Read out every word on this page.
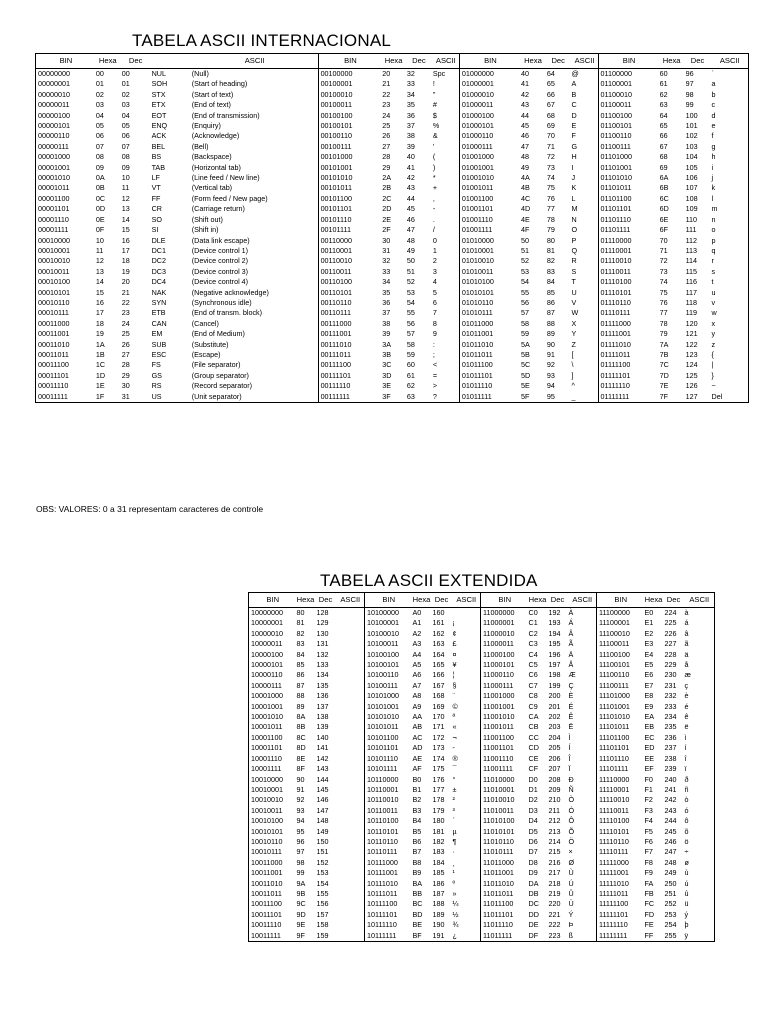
TABELA ASCII INTERNACIONAL
BIN	Hexa	Dec		ASCII	BIN	Hexa	Dec	ASCII	BIN	Hexa	Dec	ASCII	BIN	Hexa	Dec	ASCII
00000000	00	00	NUL	(Null)	00100000	20	32	Spc	01000000	40	64	@	01100000	60	96	`
00000001	01	01	SOH	(Start of heading)	00100001	21	33	!	01000001	41	65	A	01100001	61	97	a
00000010	02	02	STX	(Start of text)	00100010	22	34	"	01000010	42	66	B	01100010	62	98	b
00000011	03	03	ETX	(End of text)	00100011	23	35	#	01000011	43	67	C	01100011	63	99	c
00000100	04	04	EOT	(End of transmission)	00100100	24	36	$	01000100	44	68	D	01100100	64	100	d
00000101	05	05	ENQ	(Enquiry)	00100101	25	37	%	01000101	45	69	E	01100101	65	101	e
00000110	06	06	ACK	(Acknowledge)	00100110	26	38	&	01000110	46	70	F	01100110	66	102	f
00000111	07	07	BEL	(Bell)	00100111	27	39	'	01000111	47	71	G	01100111	67	103	g
00001000	08	08	BS	(Backspace)	00101000	28	40	(	01001000	48	72	H	01101000	68	104	h
00001001	09	09	TAB	(Horizontal tab)	00101001	29	41	)	01001001	49	73	I	01101001	69	105	i
00001010	0A	10	LF	(Line feed / New line)	00101010	2A	42	*	01001010	4A	74	J	01101010	6A	106	j
00001011	0B	11	VT	(Vertical tab)	00101011	2B	43	+	01001011	4B	75	K	01101011	6B	107	k
00001100	0C	12	FF	(Form feed / New page)	00101100	2C	44	,	01001100	4C	76	L	01101100	6C	108	l
00001101	0D	13	CR	(Carriage return)	00101101	2D	45	-	01001101	4D	77	M	01101101	6D	109	m
00001110	0E	14	SO	(Shift out)	00101110	2E	46	.	01001110	4E	78	N	01101110	6E	110	n
00001111	0F	15	SI	(Shift in)	00101111	2F	47	/	01001111	4F	79	O	01101111	6F	111	o
00010000	10	16	DLE	(Data link escape)	00110000	30	48	0	01010000	50	80	P	01110000	70	112	p
00010001	11	17	DC1	(Device control 1)	00110001	31	49	1	01010001	51	81	Q	01110001	71	113	q
00010010	12	18	DC2	(Device control 2)	00110010	32	50	2	01010010	52	82	R	01110010	72	114	r
00010011	13	19	DC3	(Device control 3)	00110011	33	51	3	01010011	53	83	S	01110011	73	115	s
00010100	14	20	DC4	(Device control 4)	00110100	34	52	4	01010100	54	84	T	01110100	74	116	t
00010101	15	21	NAK	(Negative acknowledge)	00110101	35	53	5	01010101	55	85	U	01110101	75	117	u
00010110	16	22	SYN	(Synchronous idle)	00110110	36	54	6	01010110	56	86	V	01110110	76	118	v
00010111	17	23	ETB	(End of transm. block)	00110111	37	55	7	01010111	57	87	W	01110111	77	119	w
00011000	18	24	CAN	(Cancel)	00111000	38	56	8	01011000	58	88	X	01111000	78	120	x
00011001	19	25	EM	(End of Medium)	00111001	39	57	9	01011001	59	89	Y	01111001	79	121	y
00011010	1A	26	SUB	(Substitute)	00111010	3A	58	:	01011010	5A	90	Z	01111010	7A	122	z
00011011	1B	27	ESC	(Escape)	00111011	3B	59	;	01011011	5B	91	[	01111011	7B	123	{
00011100	1C	28	FS	(File separator)	00111100	3C	60	<	01011100	5C	92	\	01111100	7C	124	|
00011101	1D	29	GS	(Group separator)	00111101	3D	61	=	01011101	5D	93	]	01111101	7D	125	}
00011110	1E	30	RS	(Record separator)	00111110	3E	62	>	01011110	5E	94	^	01111110	7E	126	~
00011111	1F	31	US	(Unit separator)	00111111	3F	63	?	01011111	5F	95	_	01111111	7F	127	Del
OBS: VALORES: 0 a 31 representam caracteres de controle
TABELA ASCII EXTENDIDA
BIN	Hexa	Dec	ASCII	BIN	Hexa	Dec	ASCII	BIN	Hexa	Dec	ASCII	BIN	Hexa	Dec	ASCII
10000000	80	128		10100000	A0	160		11000000	C0	192	À	11100000	E0	224	à
10000001	81	129		10100001	A1	161	¡	11000001	C1	193	Á	11100001	E1	225	á
10000010	82	130		10100010	A2	162	¢	11000010	C2	194	Â	11100010	E2	226	â
10000011	83	131		10100011	A3	163	£	11000011	C3	195	Ã	11100011	E3	227	ã
10000100	84	132		10100100	A4	164	¤	11000100	C4	196	Ä	11100100	E4	228	ä
10000101	85	133		10100101	A5	165	¥	11000101	C5	197	Å	11100101	E5	229	å
10000110	86	134		10100110	A6	166	¦	11000110	C6	198	Æ	11100110	E6	230	æ
10000111	87	135		10100111	A7	167	§	11000111	C7	199	Ç	11100111	E7	231	ç
10001000	88	136		10101000	A8	168	¨	11001000	C8	200	È	11101000	E8	232	è
10001001	89	137		10101001	A9	169	©	11001001	C9	201	É	11101001	E9	233	é
10001010	8A	138		10101010	AA	170	ª	11001010	CA	202	Ê	11101010	EA	234	ê
10001011	8B	139		10101011	AB	171	«	11001011	CB	203	Ë	11101011	EB	235	ë
10001100	8C	140		10101100	AC	172	¬	11001100	CC	204	Ì	11101100	EC	236	ì
10001101	8D	141		10101101	AD	173	-	11001101	CD	205	Í	11101101	ED	237	í
10001110	8E	142		10101110	AE	174	®	11001110	CE	206	Î	11101110	EE	238	î
10001111	8F	143		10101111	AF	175	¯	11001111	CF	207	Ï	11101111	EF	239	ï
10010000	90	144		10110000	B0	176	°	11010000	D0	208	Ð	11110000	F0	240	ð
10010001	91	145		10110001	B1	177	±	11010001	D1	209	Ñ	11110001	F1	241	ñ
10010010	92	146		10110010	B2	178	²	11010010	D2	210	Ò	11110010	F2	242	ò
10010011	93	147		10110011	B3	179	³	11010011	D3	211	Ó	11110011	F3	243	ó
10010100	94	148		10110100	B4	180	´	11010100	D4	212	Ô	11110100	F4	244	ô
10010101	95	149		10110101	B5	181	µ	11010101	D5	213	Õ	11110101	F5	245	õ
10010110	96	150		10110110	B6	182	¶	11010110	D6	214	Ö	11110110	F6	246	ö
10010111	97	151		10110111	B7	183	·	11010111	D7	215	×	11110111	F7	247	÷
10011000	98	152		10111000	B8	184	¸	11011000	D8	216	Ø	11111000	F8	248	ø
10011001	99	153		10111001	B9	185	¹	11011001	D9	217	Ù	11111001	F9	249	ù
10011010	9A	154		10111010	BA	186	º	11011010	DA	218	Ú	11111010	FA	250	ú
10011011	9B	155		10111011	BB	187	»	11011011	DB	219	Û	11111011	FB	251	û
10011100	9C	156		10111100	BC	188	¼	11011100	DC	220	Ü	11111100	FC	252	ü
10011101	9D	157		10111101	BD	189	½	11011101	DD	221	Ý	11111101	FD	253	ý
10011110	9E	158		10111110	BE	190	¾	11011110	DE	222	Þ	11111110	FE	254	þ
10011111	9F	159		10111111	BF	191	¿	11011111	DF	223	ß	11111111	FF	255	ÿ
